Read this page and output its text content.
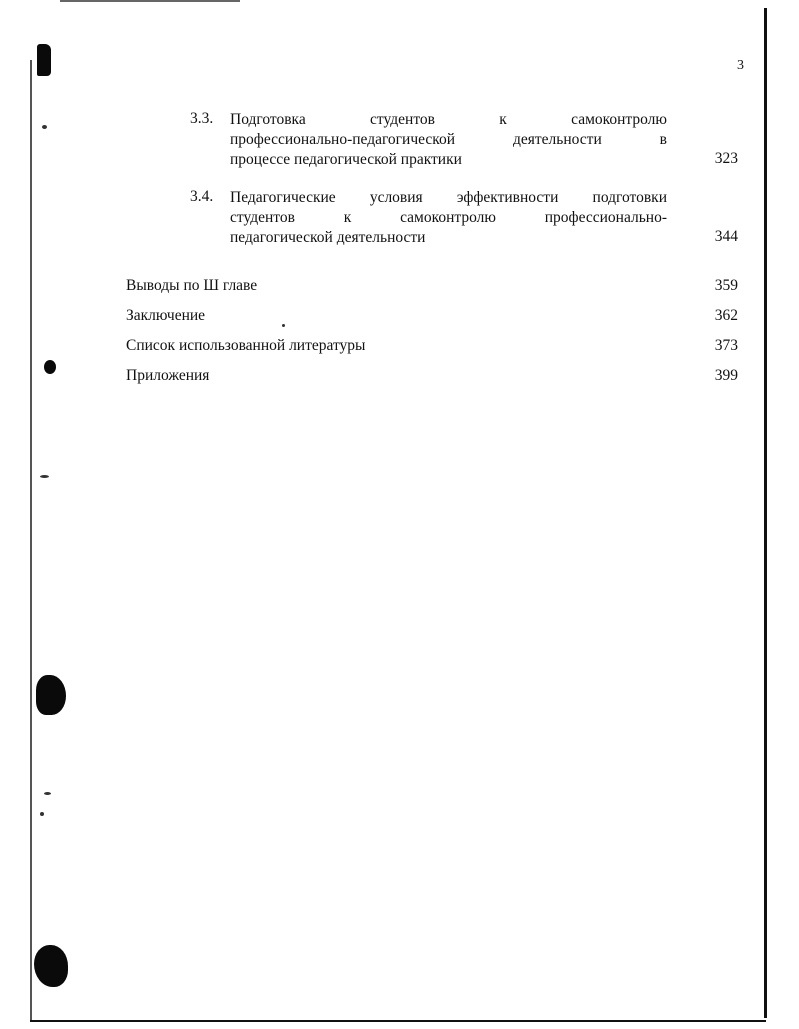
3
3.3.	Подготовка студентов к самоконтролю
профессионально-педагогической деятельности в
процессе педагогической практики	323
3.4.	Педагогические условия эффективности подготовки
студентов к самоконтролю профессионально-
педагогической деятельности	344
Выводы по Ш главе	359
Заключение	362
Список использованной литературы	373
Приложения	399
